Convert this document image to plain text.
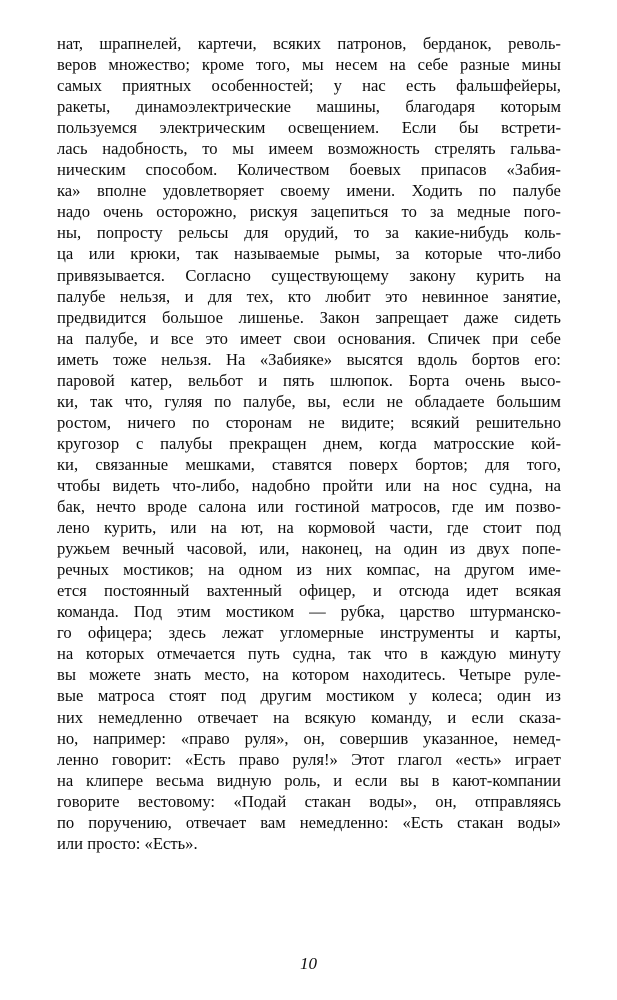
нат, шрапнелей, картечи, всяких патронов, берданок, револь-
веров множество; кроме того, мы несем на себе разные мины
самых приятных особенностей; у нас есть фальшфейеры,
ракеты, динамоэлектрические машины, благодаря которым
пользуемся электрическим освещением. Если бы встрети-
лась надобность, то мы имеем возможность стрелять гальва-
ническим способом. Количеством боевых припасов «Забия-
ка» вполне удовлетворяет своему имени. Ходить по палубе
надо очень осторожно, рискуя зацепиться то за медные пого-
ны, попросту рельсы для орудий, то за какие-нибудь коль-
ца или крюки, так называемые рымы, за которые что-либо
привязывается. Согласно существующему закону курить на
палубе нельзя, и для тех, кто любит это невинное занятие,
предвидится большое лишенье. Закон запрещает даже сидеть
на палубе, и все это имеет свои основания. Спичек при себе
иметь тоже нельзя. На «Забияке» высятся вдоль бортов его:
паровой катер, вельбот и пять шлюпок. Борта очень высо-
ки, так что, гуляя по палубе, вы, если не обладаете большим
ростом, ничего по сторонам не видите; всякий решительно
кругозор с палубы прекращен днем, когда матросские кой-
ки, связанные мешками, ставятся поверх бортов; для того,
чтобы видеть что-либо, надобно пройти или на нос судна, на
бак, нечто вроде салона или гостиной матросов, где им позво-
лено курить, или на ют, на кормовой части, где стоит под
ружьем вечный часовой, или, наконец, на один из двух попе-
речных мостиков; на одном из них компас, на другом име-
ется постоянный вахтенный офицер, и отсюда идет всякая
команда. Под этим мостиком — рубка, царство штурманско-
го офицера; здесь лежат угломерные инструменты и карты,
на которых отмечается путь судна, так что в каждую минуту
вы можете знать место, на котором находитесь. Четыре руле-
вые матроса стоят под другим мостиком у колеса; один из
них немедленно отвечает на всякую команду, и если сказа-
но, например: «право руля», он, совершив указанное, немед-
ленно говорит: «Есть право руля!» Этот глагол «есть» играет
на клипере весьма видную роль, и если вы в кают-компании
говорите вестовому: «Подай стакан воды», он, отправляясь
по поручению, отвечает вам немедленно: «Есть стакан воды»
или просто: «Есть».
10
